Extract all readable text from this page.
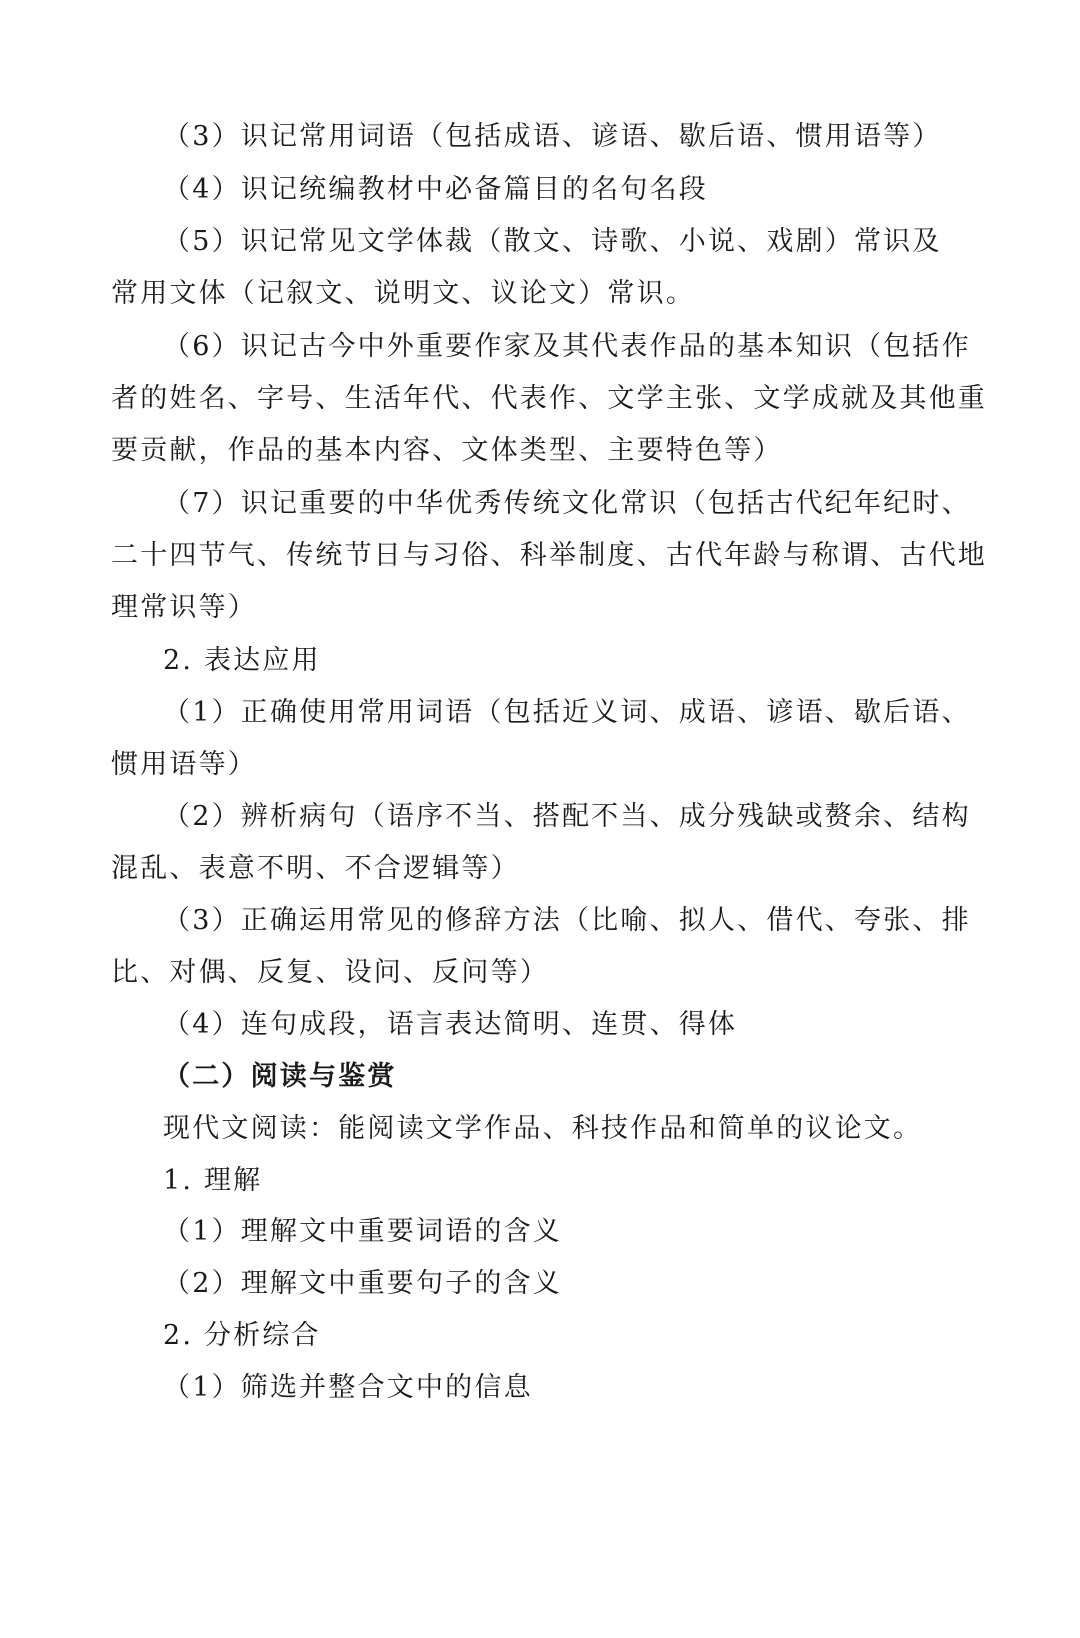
（3）识记常用词语（包括成语、谚语、歇后语、惯用语等）
（4）识记统编教材中必备篇目的名句名段
（5）识记常见文学体裁（散文、诗歌、小说、戏剧）常识及
常用文体（记叙文、说明文、议论文）常识。
（6）识记古今中外重要作家及其代表作品的基本知识（包括作
者的姓名、字号、生活年代、代表作、文学主张、文学成就及其他重
要贡献，作品的基本内容、文体类型、主要特色等）
（7）识记重要的中华优秀传统文化常识（包括古代纪年纪时、
二十四节气、传统节日与习俗、科举制度、古代年龄与称谓、古代地
理常识等）
2. 表达应用
（1）正确使用常用词语（包括近义词、成语、谚语、歇后语、
惯用语等）
（2）辨析病句（语序不当、搭配不当、成分残缺或赘余、结构
混乱、表意不明、不合逻辑等）
（3）正确运用常见的修辞方法（比喻、拟人、借代、夸张、排
比、对偶、反复、设问、反问等）
（4）连句成段，语言表达简明、连贯、得体
（二）阅读与鉴赏
现代文阅读：能阅读文学作品、科技作品和简单的议论文。
1. 理解
（1）理解文中重要词语的含义
（2）理解文中重要句子的含义
2. 分析综合
（1）筛选并整合文中的信息
